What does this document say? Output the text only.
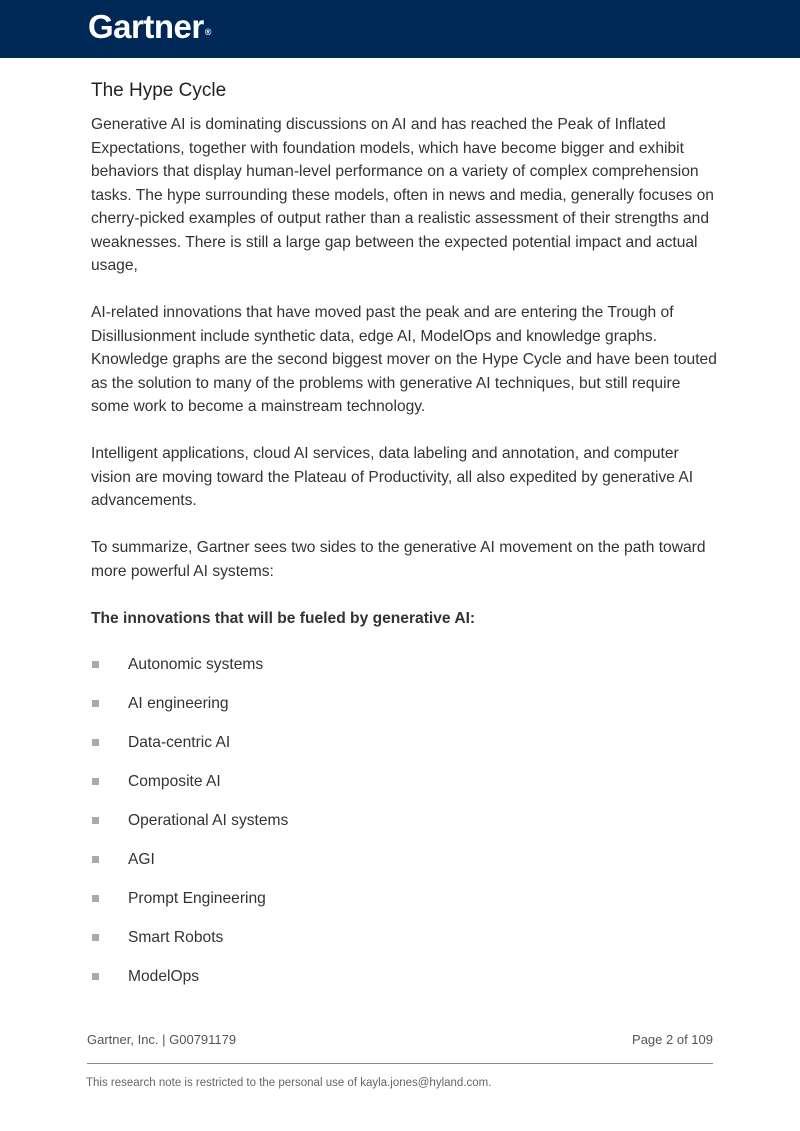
Gartner®
The Hype Cycle

Generative AI is dominating discussions on AI and has reached the Peak of Inflated Expectations, together with foundation models, which have become bigger and exhibit behaviors that display human-level performance on a variety of complex comprehension tasks. The hype surrounding these models, often in news and media, generally focuses on cherry-picked examples of output rather than a realistic assessment of their strengths and weaknesses. There is still a large gap between the expected potential impact and actual usage,

AI-related innovations that have moved past the peak and are entering the Trough of Disillusionment include synthetic data, edge AI, ModelOps and knowledge graphs. Knowledge graphs are the second biggest mover on the Hype Cycle and have been touted as the solution to many of the problems with generative AI techniques, but still require some work to become a mainstream technology.

Intelligent applications, cloud AI services, data labeling and annotation, and computer vision are moving toward the Plateau of Productivity, all also expedited by generative AI advancements.

To summarize, Gartner sees two sides to the generative AI movement on the path toward more powerful AI systems:

The innovations that will be fueled by generative AI:
Autonomic systems
AI engineering
Data-centric AI
Composite AI
Operational AI systems
AGI
Prompt Engineering
Smart Robots
ModelOps
Gartner, Inc. | G00791179	Page 2 of 109
This research note is restricted to the personal use of kayla.jones@hyland.com.
